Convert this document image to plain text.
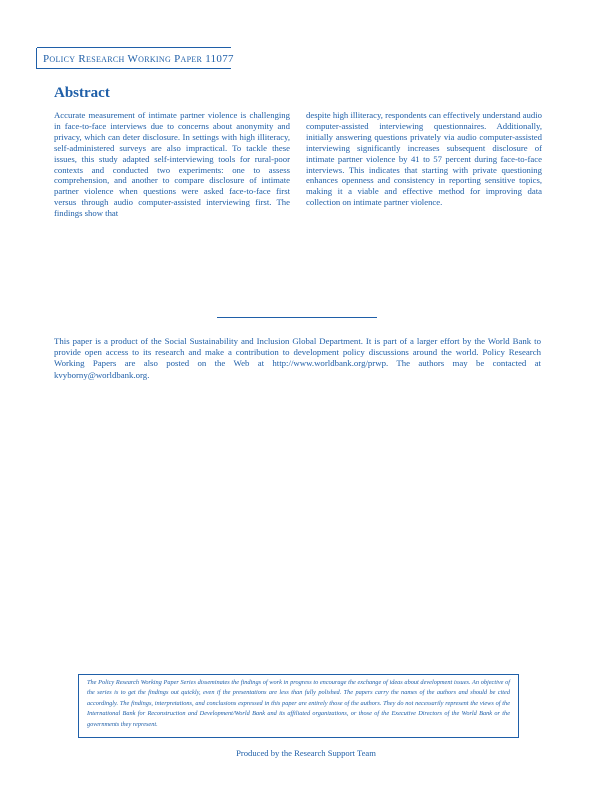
Policy Research Working Paper 11077
Abstract
Accurate measurement of intimate partner violence is challenging in face-to-face interviews due to concerns about anonymity and privacy, which can deter disclosure. In settings with high illiteracy, self-administered surveys are also impractical. To tackle these issues, this study adapted self-interviewing tools for rural-poor contexts and conducted two experiments: one to assess comprehension, and another to compare disclosure of intimate partner violence when questions were asked face-to-face first versus through audio computer-assisted interviewing first. The findings show that
despite high illiteracy, respondents can effectively understand audio computer-assisted interviewing questionnaires. Additionally, initially answering questions privately via audio computer-assisted interviewing significantly increases subsequent disclosure of intimate partner violence by 41 to 57 percent during face-to-face interviews. This indicates that starting with private questioning enhances openness and consistency in reporting sensitive topics, making it a viable and effective method for improving data collection on intimate partner violence.
This paper is a product of the Social Sustainability and Inclusion Global Department. It is part of a larger effort by the World Bank to provide open access to its research and make a contribution to development policy discussions around the world. Policy Research Working Papers are also posted on the Web at http://www.worldbank.org/prwp. The authors may be contacted at kvyborny@worldbank.org.
The Policy Research Working Paper Series disseminates the findings of work in progress to encourage the exchange of ideas about development issues. An objective of the series is to get the findings out quickly, even if the presentations are less than fully polished. The papers carry the names of the authors and should be cited accordingly. The findings, interpretations, and conclusions expressed in this paper are entirely those of the authors. They do not necessarily represent the views of the International Bank for Reconstruction and Development/World Bank and its affiliated organizations, or those of the Executive Directors of the World Bank or the governments they represent.
Produced by the Research Support Team
